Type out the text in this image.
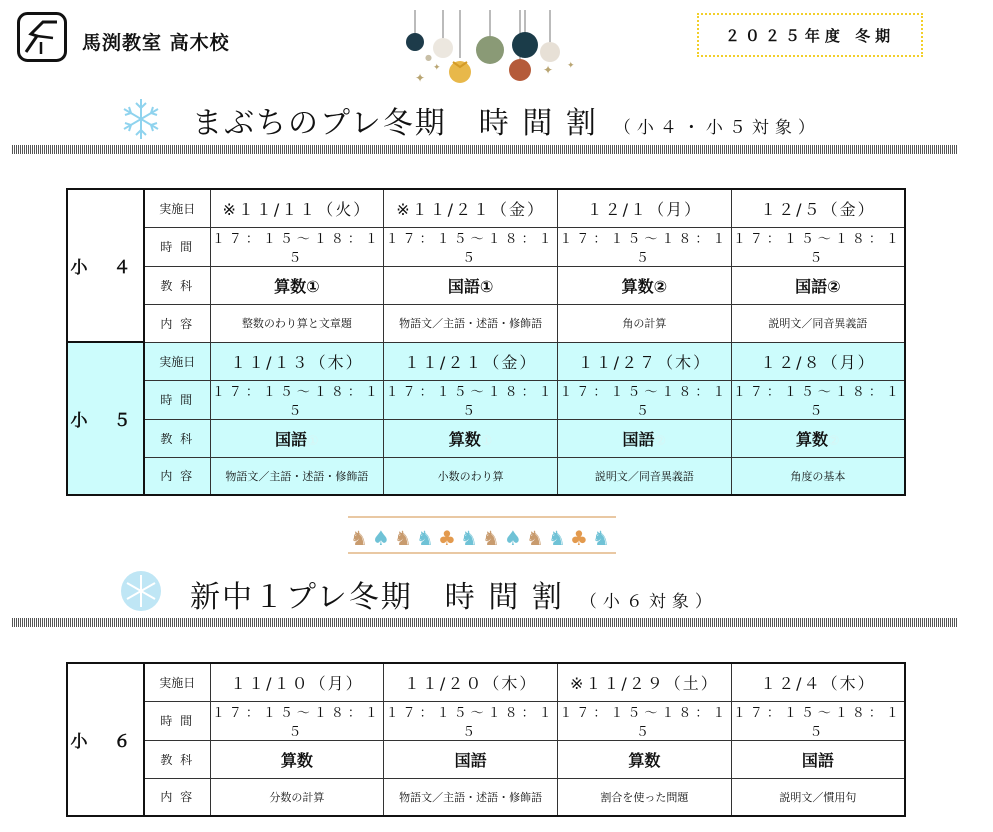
馬渕教室 高木校
✦
✦	✦ ✦
●
２０２５年度 冬期
まぶちのプレ冬期　時 間 割 （小４・小５対象）
小 ４	実施日	※１１/１１（火）	※１１/２１（金）	１２/１（月）	１２/５（金）
	時 間	１７：１５～１８：１５	１７：１５～１８：１５	１７：１５～１８：１５	１７：１５～１８：１５
	教 科	算数①	国語①	算数②	国語②
	内 容	整数のわり算と文章題	物語文／主語・述語・修飾語	角の計算	説明文／同音異義語
小 ５	実施日	１１/１３（木）	１１/２１（金）	１１/２７（木）	１２/８（月）
	時 間	１７：１５～１８：１５	１７：１５～１８：１５	１７：１５～１８：１５	１７：１５～１８：１５
	教 科	国語①	算数①	国語②	算数②
	内 容	物語文／主語・述語・修飾語	小数のわり算	説明文／同音異義語	角度の基本
♞ ♠ ♞ ♞ ♣ ♞ ♞ ♠ ♞ ♞ ♣ ♞
新中１プレ冬期　時 間 割 （小６対象）
小 ６	実施日	１１/１０（月）	１１/２０（木）	※１１/２９（土）	１２/４（木）
	時 間	１７：１５～１８：１５	１７：１５～１８：１５	１７：１５～１８：１５	１７：１５～１８：１５
	教 科	算数	国語	算数	国語
	内 容	分数の計算	物語文／主語・述語・修飾語	割合を使った問題	説明文／慣用句
